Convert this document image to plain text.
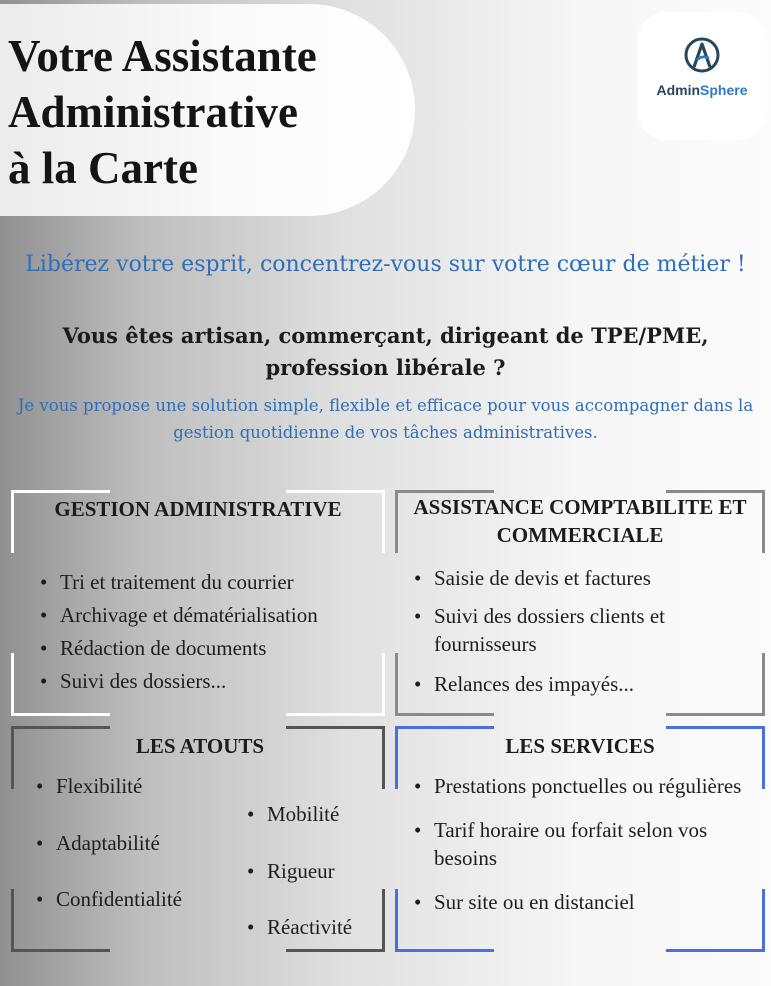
Votre Assistante
Administrative
à la Carte
AdminSphere

Libérez votre esprit, concentrez-vous sur votre cœur de métier !

Vous êtes artisan, commerçant, dirigeant de TPE/PME, profession libérale ?

Je vous propose une solution simple, flexible et efficace pour vous accompagner dans la gestion quotidienne de vos tâches administratives.

GESTION ADMINISTRATIVE
• Tri et traitement du courrier
• Archivage et dématérialisation
• Rédaction de documents
• Suivi des dossiers...
ASSISTANCE COMPTABILITE ET COMMERCIALE
• Saisie de devis et factures
• Suivi des dossiers clients et fournisseurs
• Relances des impayés...
LES ATOUTS
• Flexibilité
• Adaptabilité
• Confidentialité
• Mobilité
• Rigueur
• Réactivité
LES SERVICES
• Prestations ponctuelles ou régulières
• Tarif horaire ou forfait selon vos besoins
• Sur site ou en distanciel
